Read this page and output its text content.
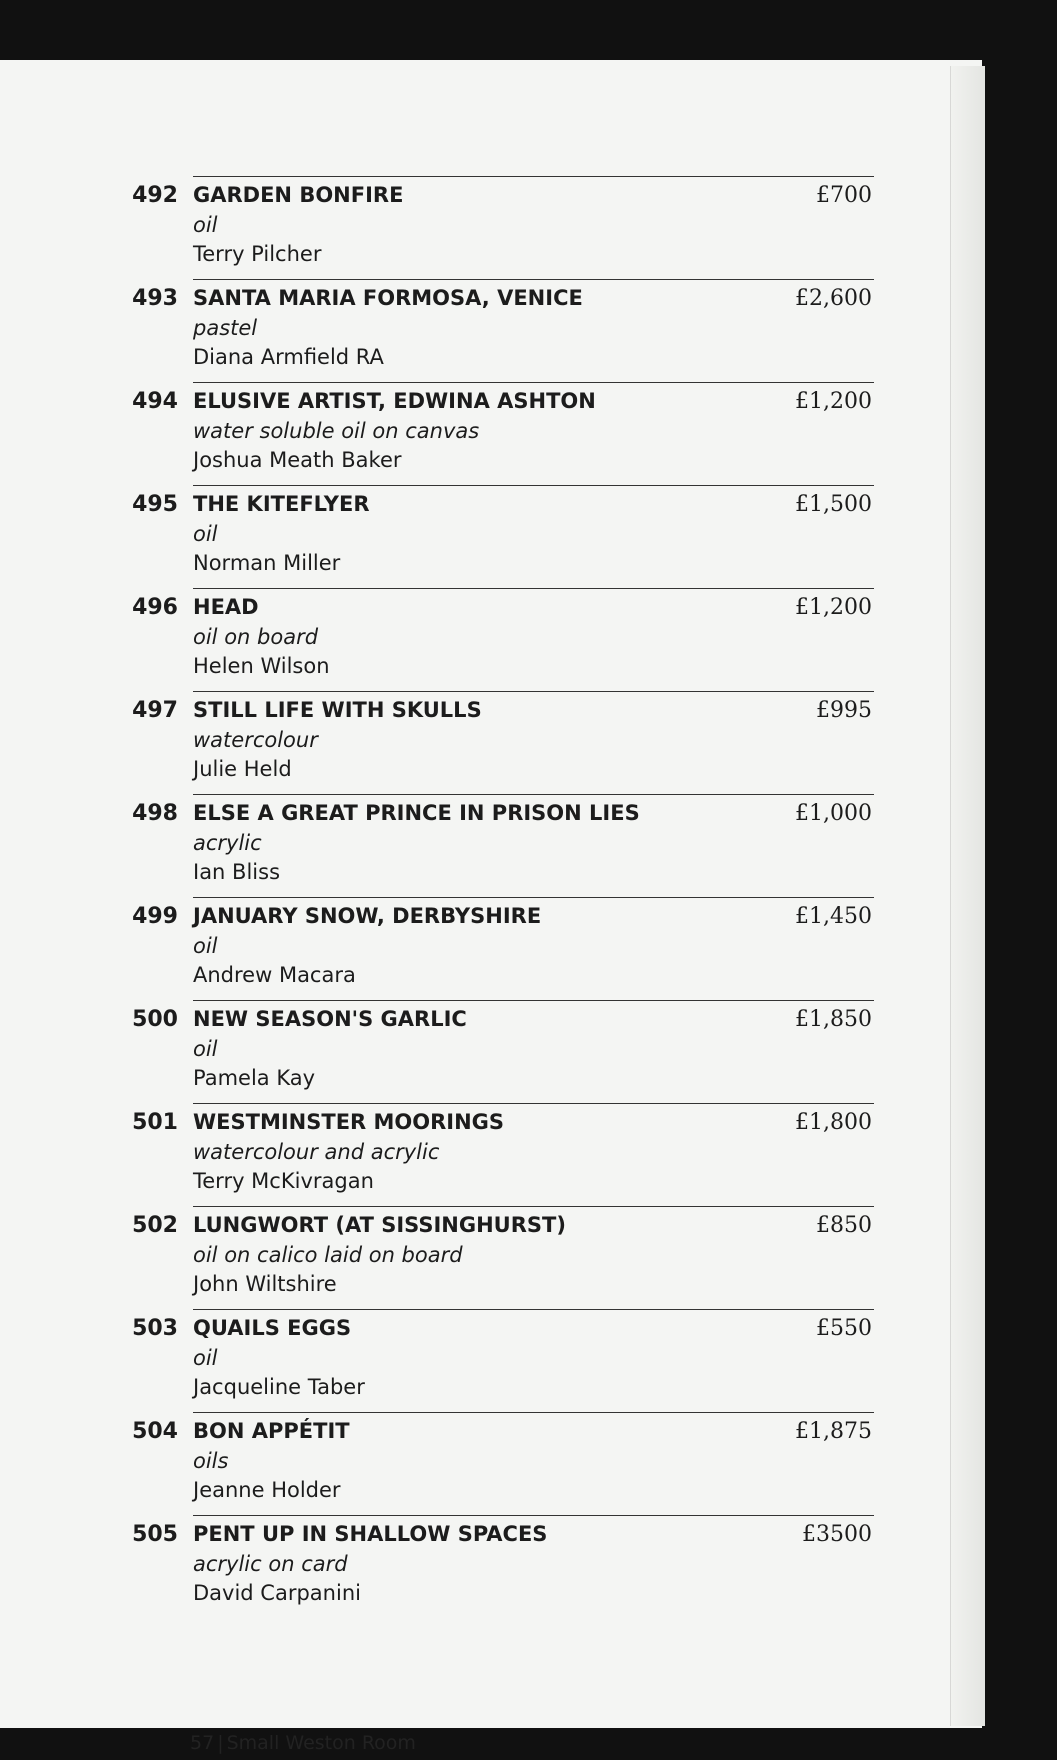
492 GARDEN BONFIRE
oil
Terry Pilcher
£700
493 SANTA MARIA FORMOSA, VENICE
pastel
Diana Armfield RA
£2,600
494 ELUSIVE ARTIST, EDWINA ASHTON
water soluble oil on canvas
Joshua Meath Baker
£1,200
495 THE KITEFLYER
oil
Norman Miller
£1,500
496 HEAD
oil on board
Helen Wilson
£1,200
497 STILL LIFE WITH SKULLS
watercolour
Julie Held
£995
498 ELSE A GREAT PRINCE IN PRISON LIES
acrylic
Ian Bliss
£1,000
499 JANUARY SNOW, DERBYSHIRE
oil
Andrew Macara
£1,450
500 NEW SEASON'S GARLIC
oil
Pamela Kay
£1,850
501 WESTMINSTER MOORINGS
watercolour and acrylic
Terry McKivragan
£1,800
502 LUNGWORT (AT SISSINGHURST)
oil on calico laid on board
John Wiltshire
£850
503 QUAILS EGGS
oil
Jacqueline Taber
£550
504 BON APPÉTIT
oils
Jeanne Holder
£1,875
505 PENT UP IN SHALLOW SPACES
acrylic on card
David Carpanini
£3500
57 | Small Weston Room
